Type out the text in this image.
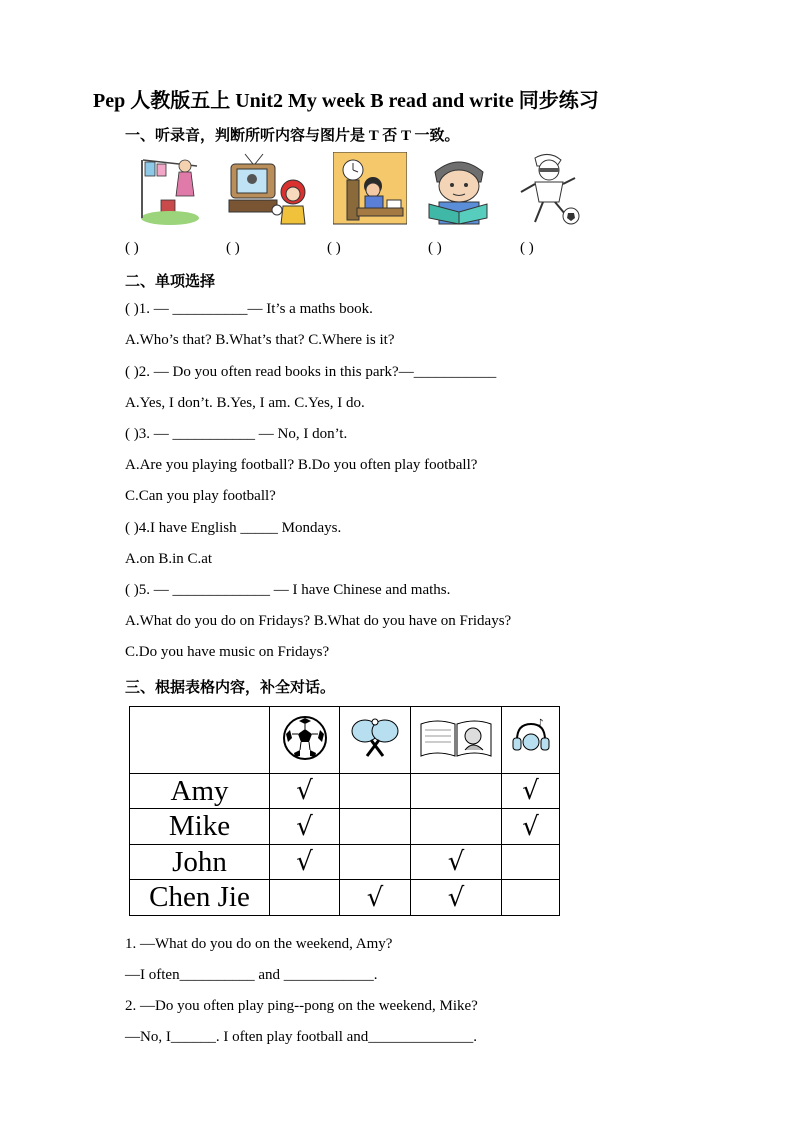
Pep 人教版五上 Unit2 My week B read and write 同步练习
一、听录音，判断所听内容与图片是 T 否 T 一致。
( )	( )	( )	( )	( )
二、单项选择
( )1. — __________— It’s a maths book.
A.Who’s that? B.What’s that? C.Where is it?
( )2. — Do you often read books in this park?—___________
A.Yes, I don’t. B.Yes, I am. C.Yes, I do.
( )3. — ___________ — No, I don’t.
A.Are you playing football? B.Do you often play football?
C.Can you play football?
( )4.I have English _____ Mondays.
A.on B.in C.at
( )5. — _____________ — I have Chinese and maths.
A.What do you do on Fridays? B.What do you have on Fridays?
C.Do you have music on Fridays?
三、根据表格内容，补全对话。

♪

Amy	√			√
Mike	√			√
John	√		√	
Chen Jie		√	√	
1. —What do you do on the weekend, Amy?
—I often__________ and ____________.
2. —Do you often play ping--pong on the weekend, Mike?
—No, I______. I often play football and______________.
